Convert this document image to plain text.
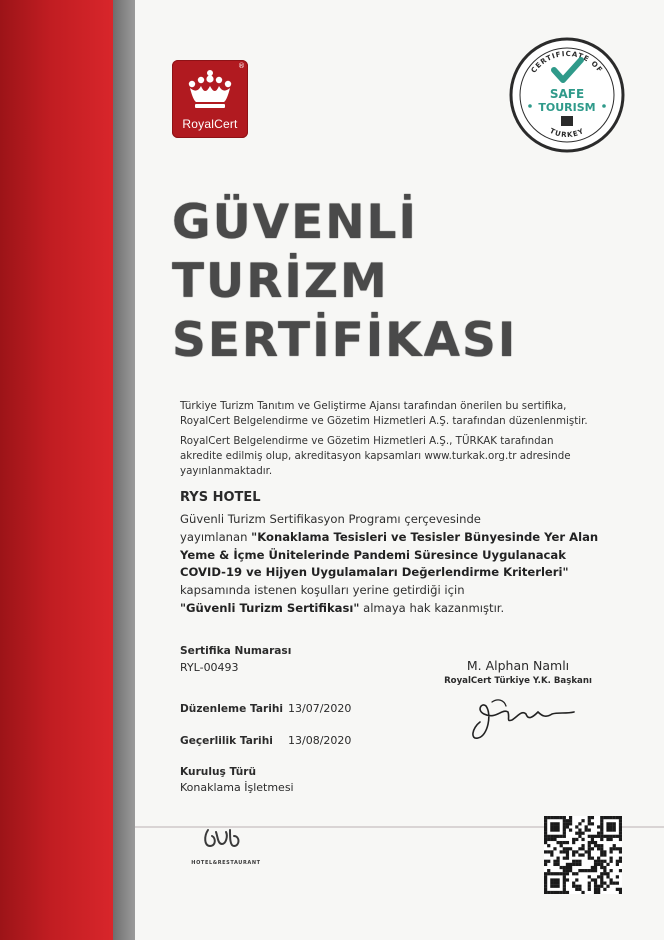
®
RoyalCert
CERTIFICATE OF
SAFE
TOURISM
TURKEY
GÜVENLİ
TURİZM
SERTİFİKASI
Türkiye Turizm Tanıtım ve Geliştirme Ajansı tarafından önerilen bu sertifika,
RoyalCert Belgelendirme ve Gözetim Hizmetleri A.Ş. tarafından düzenlenmiştir.
RoyalCert Belgelendirme ve Gözetim Hizmetleri A.Ş., TÜRKAK tarafından
akredite edilmiş olup, akreditasyon kapsamları www.turkak.org.tr adresinde
yayınlanmaktadır.
RYS HOTEL
Güvenli Turizm Sertifikasyon Programı çerçevesinde
yayımlanan "Konaklama Tesisleri ve Tesisler Bünyesinde Yer Alan
Yeme & İçme Ünitelerinde Pandemi Süresince Uygulanacak
COVID-19 ve Hijyen Uygulamaları Değerlendirme Kriterleri"
kapsamında istenen koşulları yerine getirdiği için
"Güvenli Turizm Sertifikası" almaya hak kazanmıştır.
Sertifika Numarası
RYL-00493
Düzenleme Tarihi 13/07/2020
Geçerlilik Tarihi 13/08/2020
Kuruluş Türü
Konaklama İşletmesi
M. Alphan Namlı
RoyalCert Türkiye Y.K. Başkanı
HOTEL&RESTAURANT
